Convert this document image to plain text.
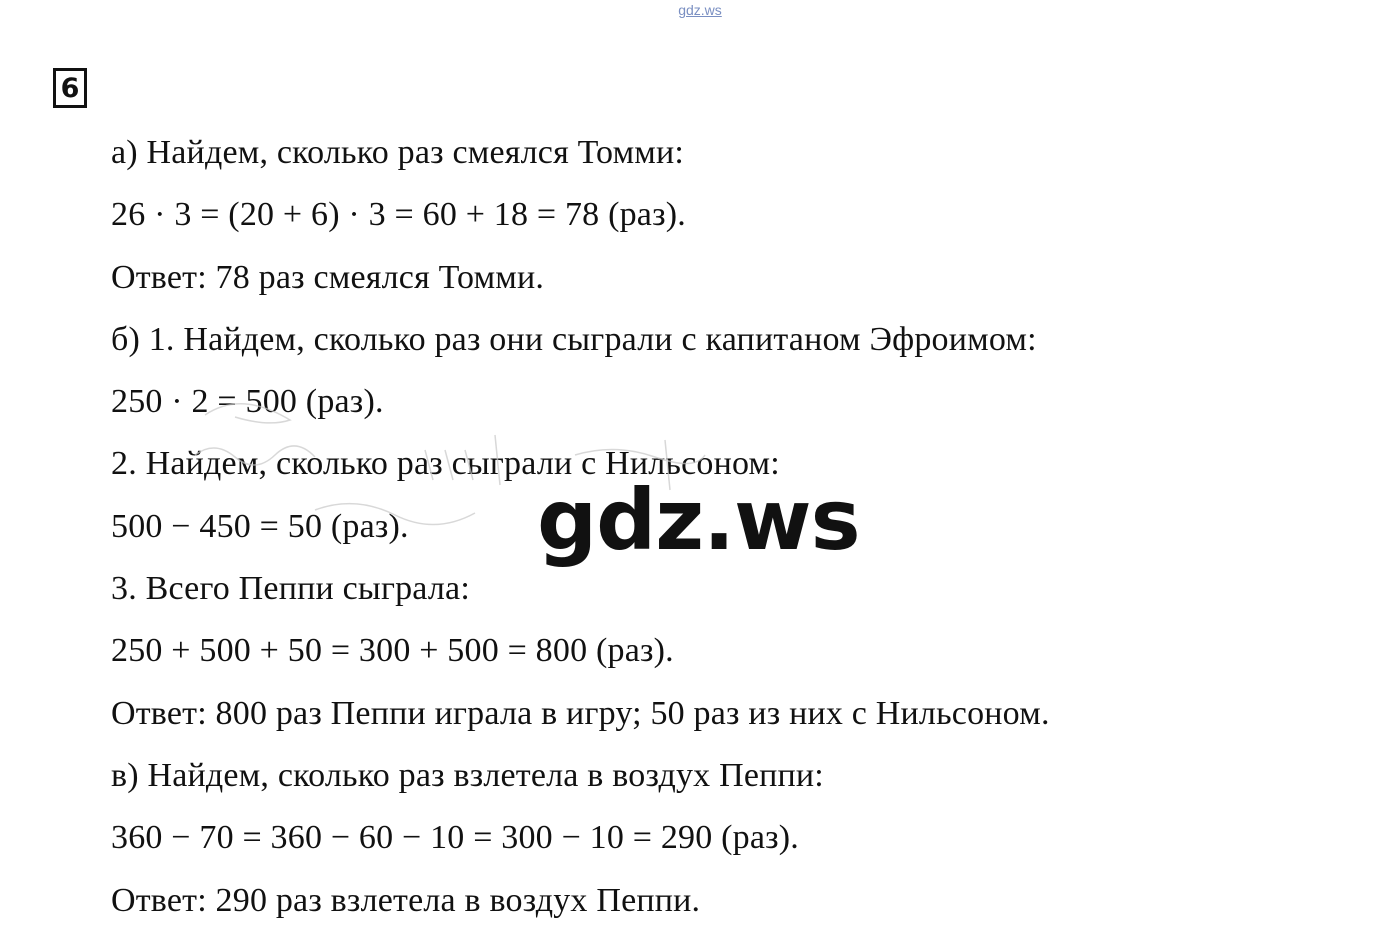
gdz.ws
6
а) Найдем, сколько раз смеялся Томми:
26 · 3 = (20 + 6) · 3 = 60 + 18 = 78 (раз).
Ответ: 78 раз смеялся Томми.
б) 1. Найдем, сколько раз они сыграли с капитаном Эфроимом:
250 · 2 = 500 (раз).
2. Найдем, сколько раз сыграли с Нильсоном:
500 − 450 = 50 (раз).
3. Всего Пеппи сыграла:
250 + 500 + 50 = 300 + 500 = 800 (раз).
Ответ: 800 раз Пеппи играла в игру; 50 раз из них с Нильсоном.
в) Найдем, сколько раз взлетела в воздух Пеппи:
360 − 70 = 360 − 60 − 10 = 300 − 10 = 290 (раз).
Ответ: 290 раз взлетела в воздух Пеппи.
gdz.ws
